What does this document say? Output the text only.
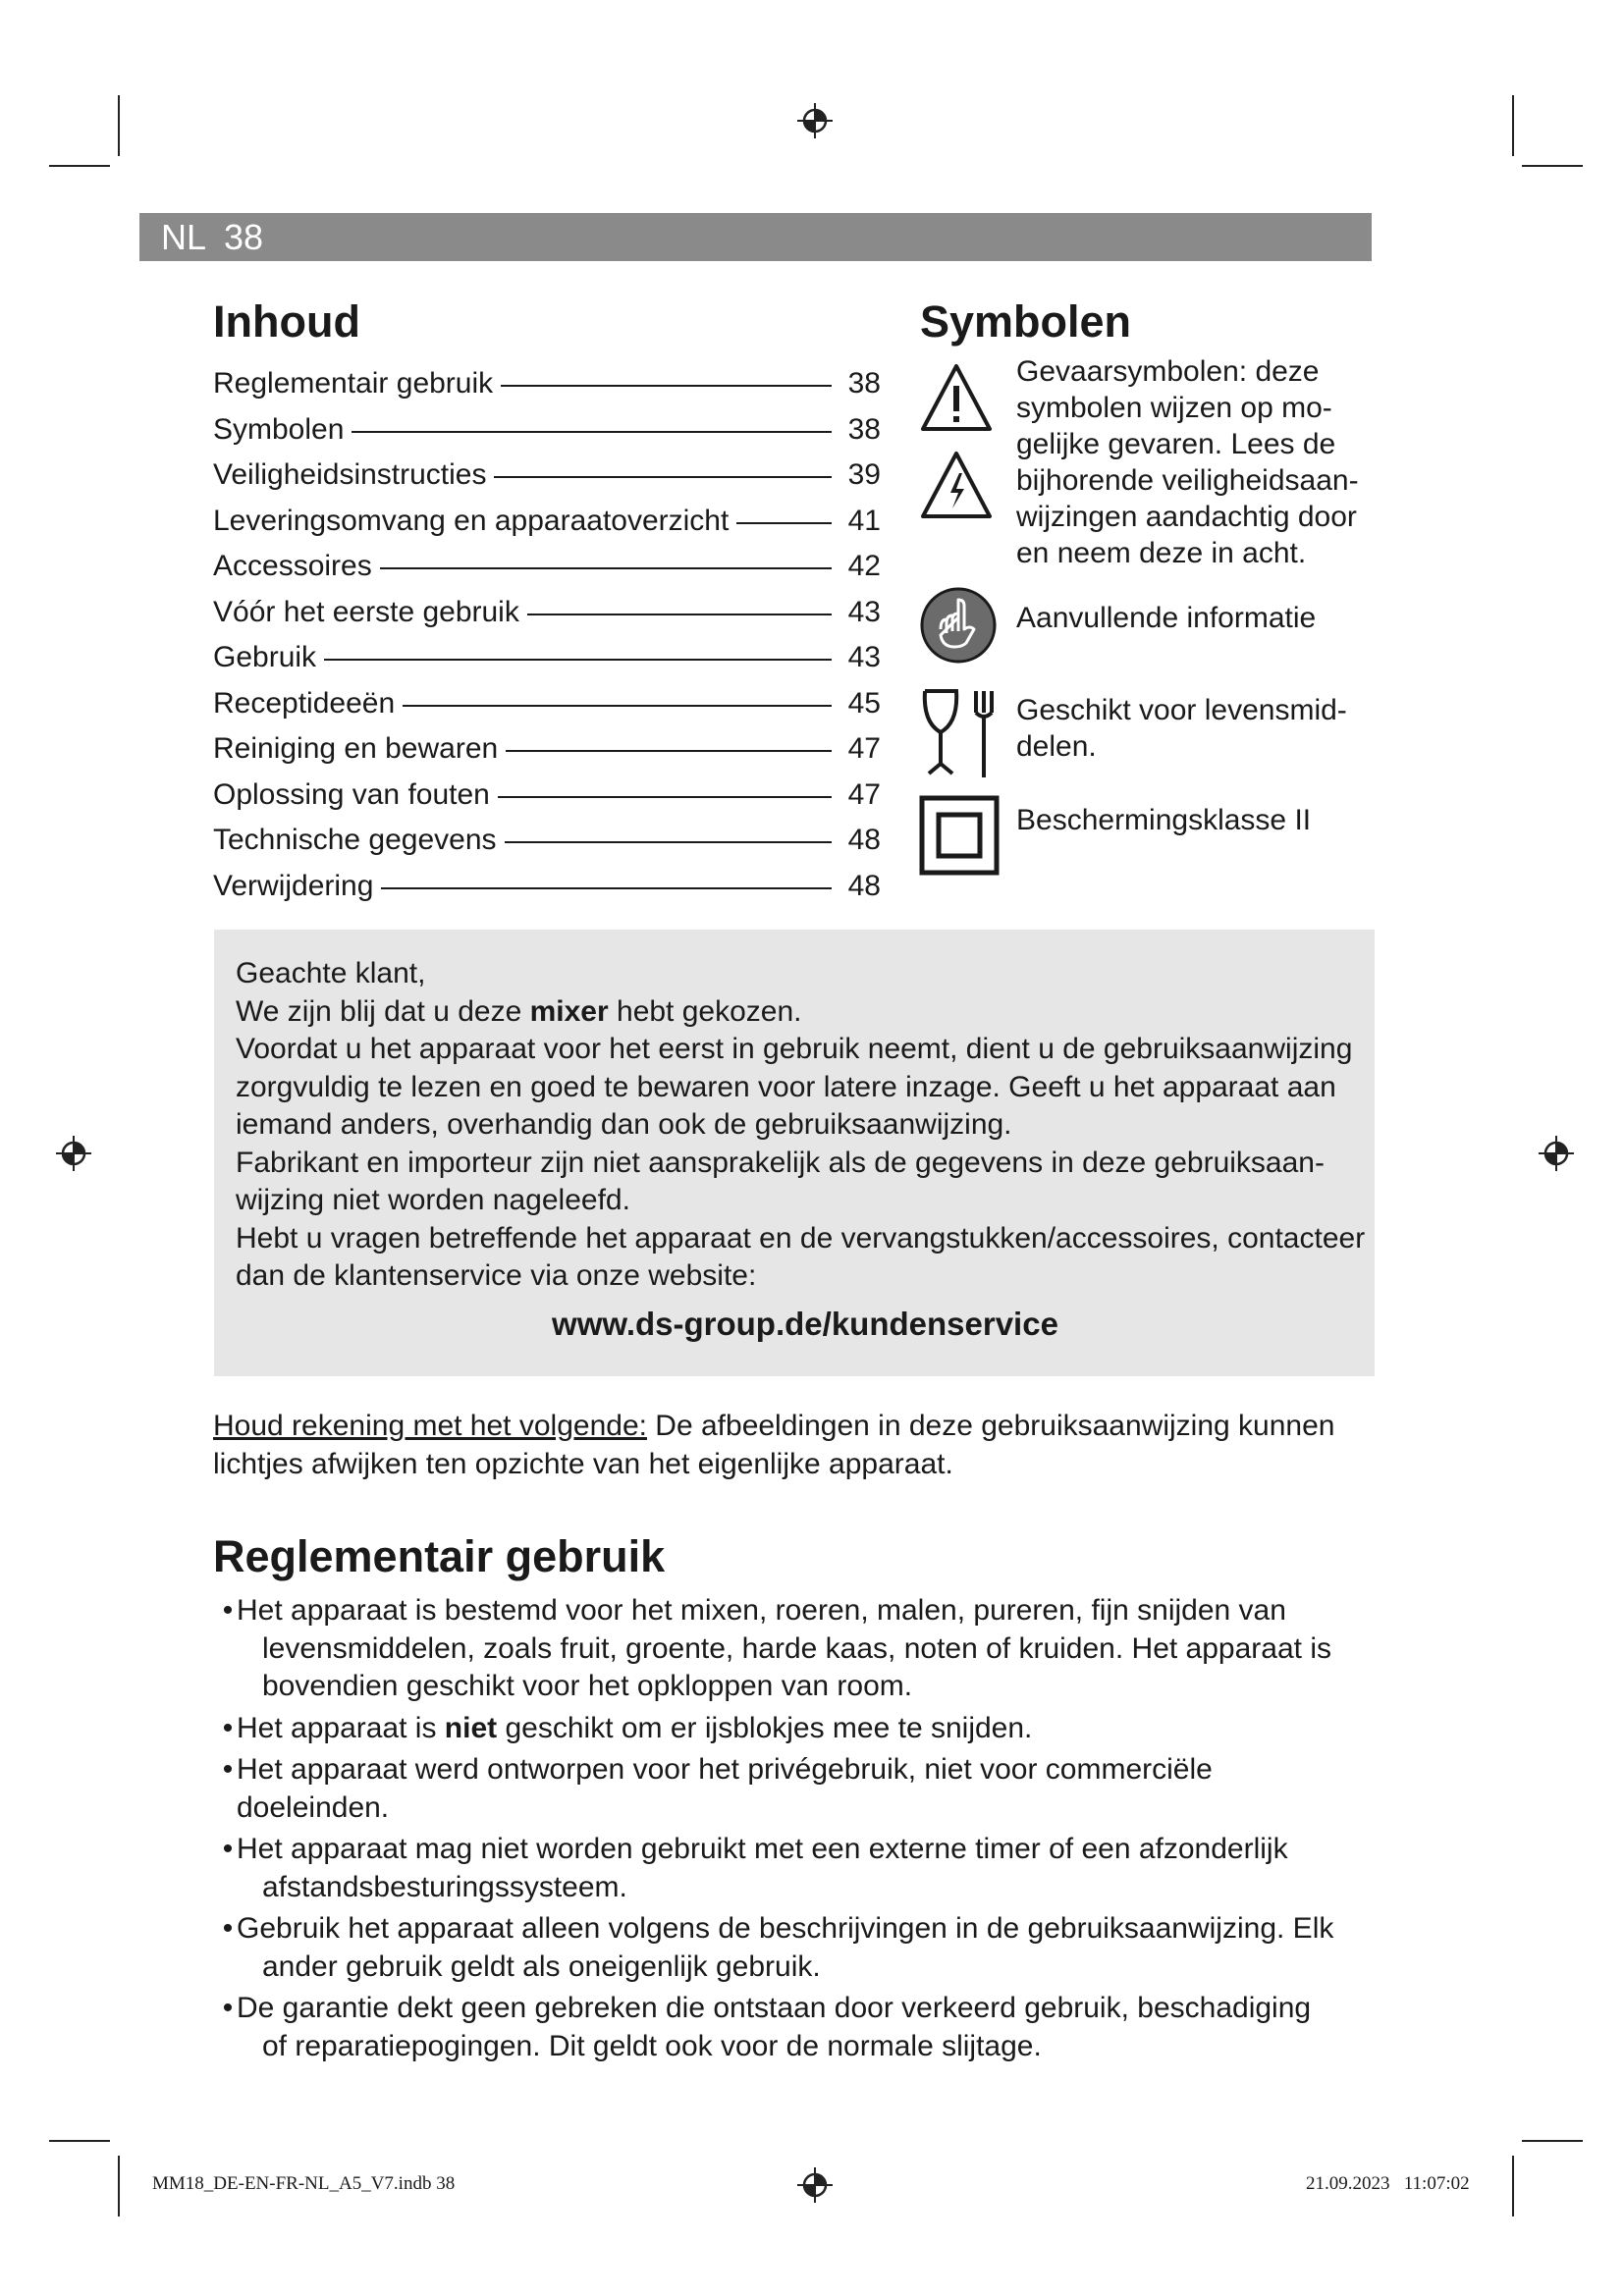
NL 38
Inhoud
Reglementair gebruik	38
Symbolen	38
Veiligheidsinstructies	39
Leveringsomvang en apparaatoverzicht	41
Accessoires	42
Vóór het eerste gebruik	43
Gebruik	43
Receptideeën	45
Reiniging en bewaren	47
Oplossing van fouten	47
Technische gegevens	48
Verwijdering	48
Symbolen
Gevaarsymbolen: deze
symbolen wijzen op mo-
gelijke gevaren. Lees de
bijhorende veiligheidsaan-
wijzingen aandachtig door
en neem deze in acht.
Aanvullende informatie
Geschikt voor levensmid-
delen.
Beschermingsklasse II

Geachte klant,

We zijn blij dat u deze mixer hebt gekozen.

Voordat u het apparaat voor het eerst in gebruik neemt, dient u de gebruiksaanwijzing

zorgvuldig te lezen en goed te bewaren voor latere inzage. Geeft u het apparaat aan

iemand anders, overhandig dan ook de gebruiksaanwijzing.

Fabrikant en importeur zijn niet aansprakelijk als de gegevens in deze gebruiksaan-

wijzing niet worden nageleefd.

Hebt u vragen betreffende het apparaat en de vervangstukken/accessoires, contacteer

dan de klantenservice via onze website:

www.ds-group.de/kundenservice

Houd rekening met het volgende: De afbeeldingen in deze gebruiksaanwijzing kunnen
lichtjes afwijken ten opzichte van het eigenlijke apparaat.
Reglementair gebruik
• Het apparaat is bestemd voor het mixen, roeren, malen, pureren, fijn snijden van
levensmiddelen, zoals fruit, groente, harde kaas, noten of kruiden. Het apparaat is
bovendien geschikt voor het opkloppen van room.
• Het apparaat is niet geschikt om er ijsblokjes mee te snijden.
• Het apparaat werd ontworpen voor het privégebruik, niet voor commerciële doeleinden.
• Het apparaat mag niet worden gebruikt met een externe timer of een afzonderlijk
afstandsbesturingssysteem.
• Gebruik het apparaat alleen volgens de beschrijvingen in de gebruiksaanwijzing. Elk
ander gebruik geldt als oneigenlijk gebruik.
• De garantie dekt geen gebreken die ontstaan door verkeerd gebruik, beschadiging
of reparatiepogingen. Dit geldt ook voor de normale slijtage.
MM18_DE-EN-FR-NL_A5_V7.indb 38	21.09.2023 11:07:02
